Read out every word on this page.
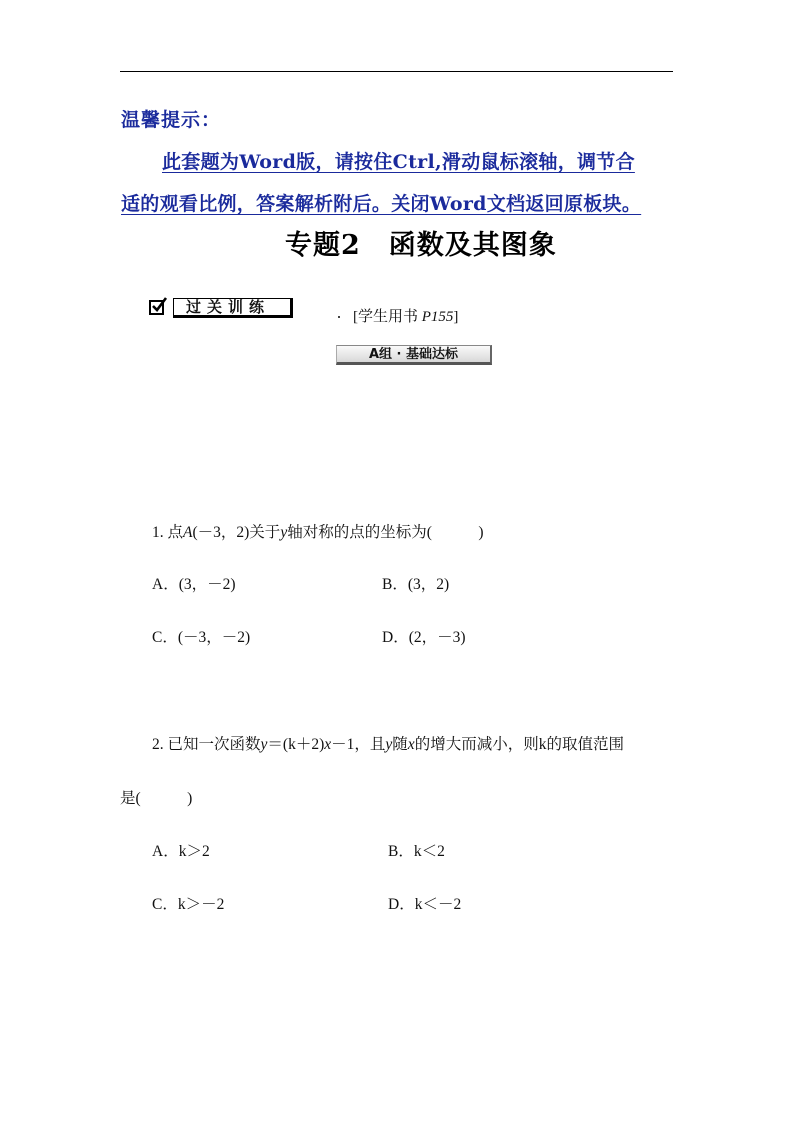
温馨提示：
此套题为Word版，请按住Ctrl,滑动鼠标滚轴，调节合
适的观看比例，答案解析附后。关闭Word文档返回原板块。
专题2 函数及其图象
过关训练
[学生用书 P155]
A组 · 基础达标
1. 点A(－3，2)关于y轴对称的点的坐标为(　　　)
A．(3，－2)	B．(3，2)
C．(－3，－2)	D．(2，－3)
2. 已知一次函数y＝(k＋2)x－1，且y随x的增大而减小，则k的取值范围
是(　　　)
A．k＞2	B．k＜2
C．k＞－2	D．k＜－2
